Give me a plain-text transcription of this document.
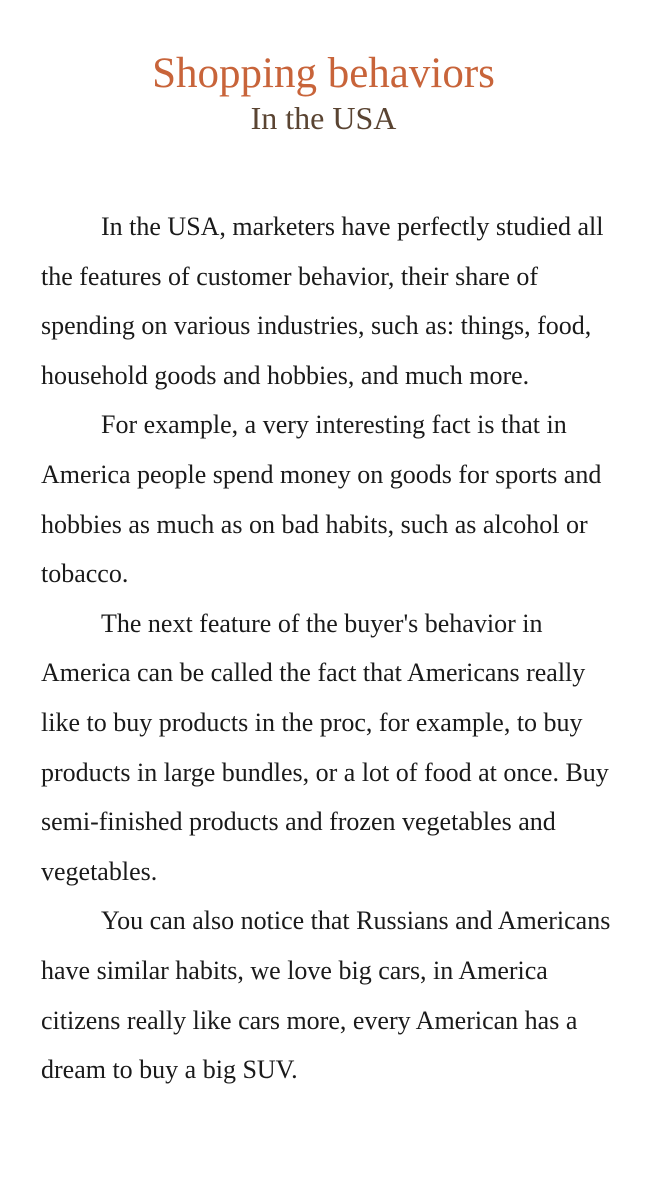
Shopping behaviors
In the USA

In the USA, marketers have perfectly studied all the features of customer behavior, their share of spending on various industries, such as: things, food, household goods and hobbies, and much more.

For example, a very interesting fact is that in America people spend money on goods for sports and hobbies as much as on bad habits, such as alcohol or tobacco.

The next feature of the buyer's behavior in America can be called the fact that Americans really like to buy products in the proc, for example, to buy products in large bundles, or a lot of food at once. Buy semi-finished products and frozen vegetables and vegetables.

You can also notice that Russians and Americans have similar habits, we love big cars, in America citizens really like cars more, every American has a dream to buy a big SUV.
